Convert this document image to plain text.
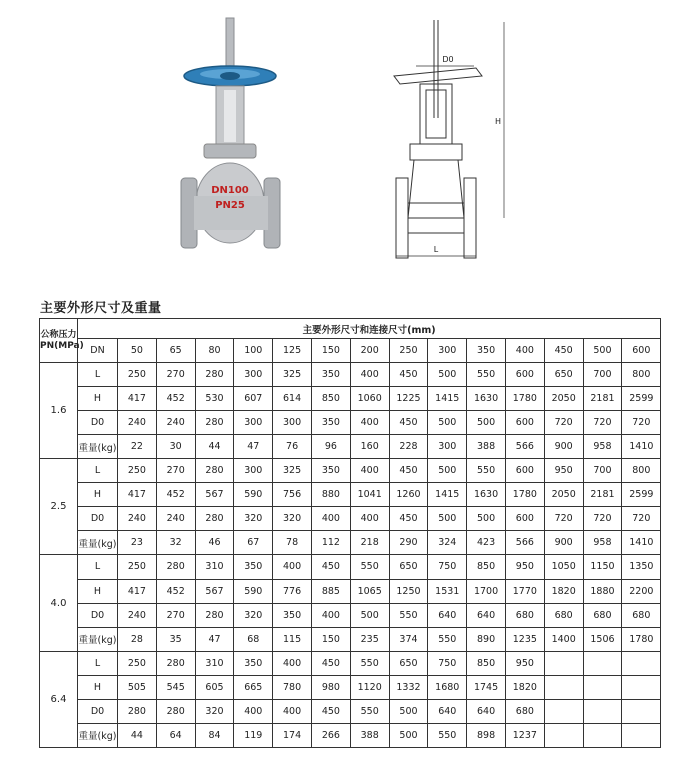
DN100
PN25
D0
H
L
主要外形尺寸及重量
公称压力
PN(MPa)	主要外形尺寸和连接尺寸(mm)														
	DN	50	65	80	100	125	150	200	250	300	350	400	450	500	600
1.6	L	250	270	280	300	325	350	400	450	500	550	600	650	700	800
	H	417	452	530	607	614	850	1060	1225	1415	1630	1780	2050	2181	2599
	D0	240	240	280	300	300	350	400	450	500	500	600	720	720	720
	重量(kg)	22	30	44	47	76	96	160	228	300	388	566	900	958	1410
2.5	L	250	270	280	300	325	350	400	450	500	550	600	950	700	800
	H	417	452	567	590	756	880	1041	1260	1415	1630	1780	2050	2181	2599
	D0	240	240	280	320	320	400	400	450	500	500	600	720	720	720
	重量(kg)	23	32	46	67	78	112	218	290	324	423	566	900	958	1410
4.0	L	250	280	310	350	400	450	550	650	750	850	950	1050	1150	1350
	H	417	452	567	590	776	885	1065	1250	1531	1700	1770	1820	1880	2200
	D0	240	270	280	320	350	400	500	550	640	640	680	680	680	680
	重量(kg)	28	35	47	68	115	150	235	374	550	890	1235	1400	1506	1780
6.4	L	250	280	310	350	400	450	550	650	750	850	950			
	H	505	545	605	665	780	980	1120	1332	1680	1745	1820			
	D0	280	280	320	400	400	450	550	500	640	640	680			
	重量(kg)	44	64	84	119	174	266	388	500	550	898	1237			
